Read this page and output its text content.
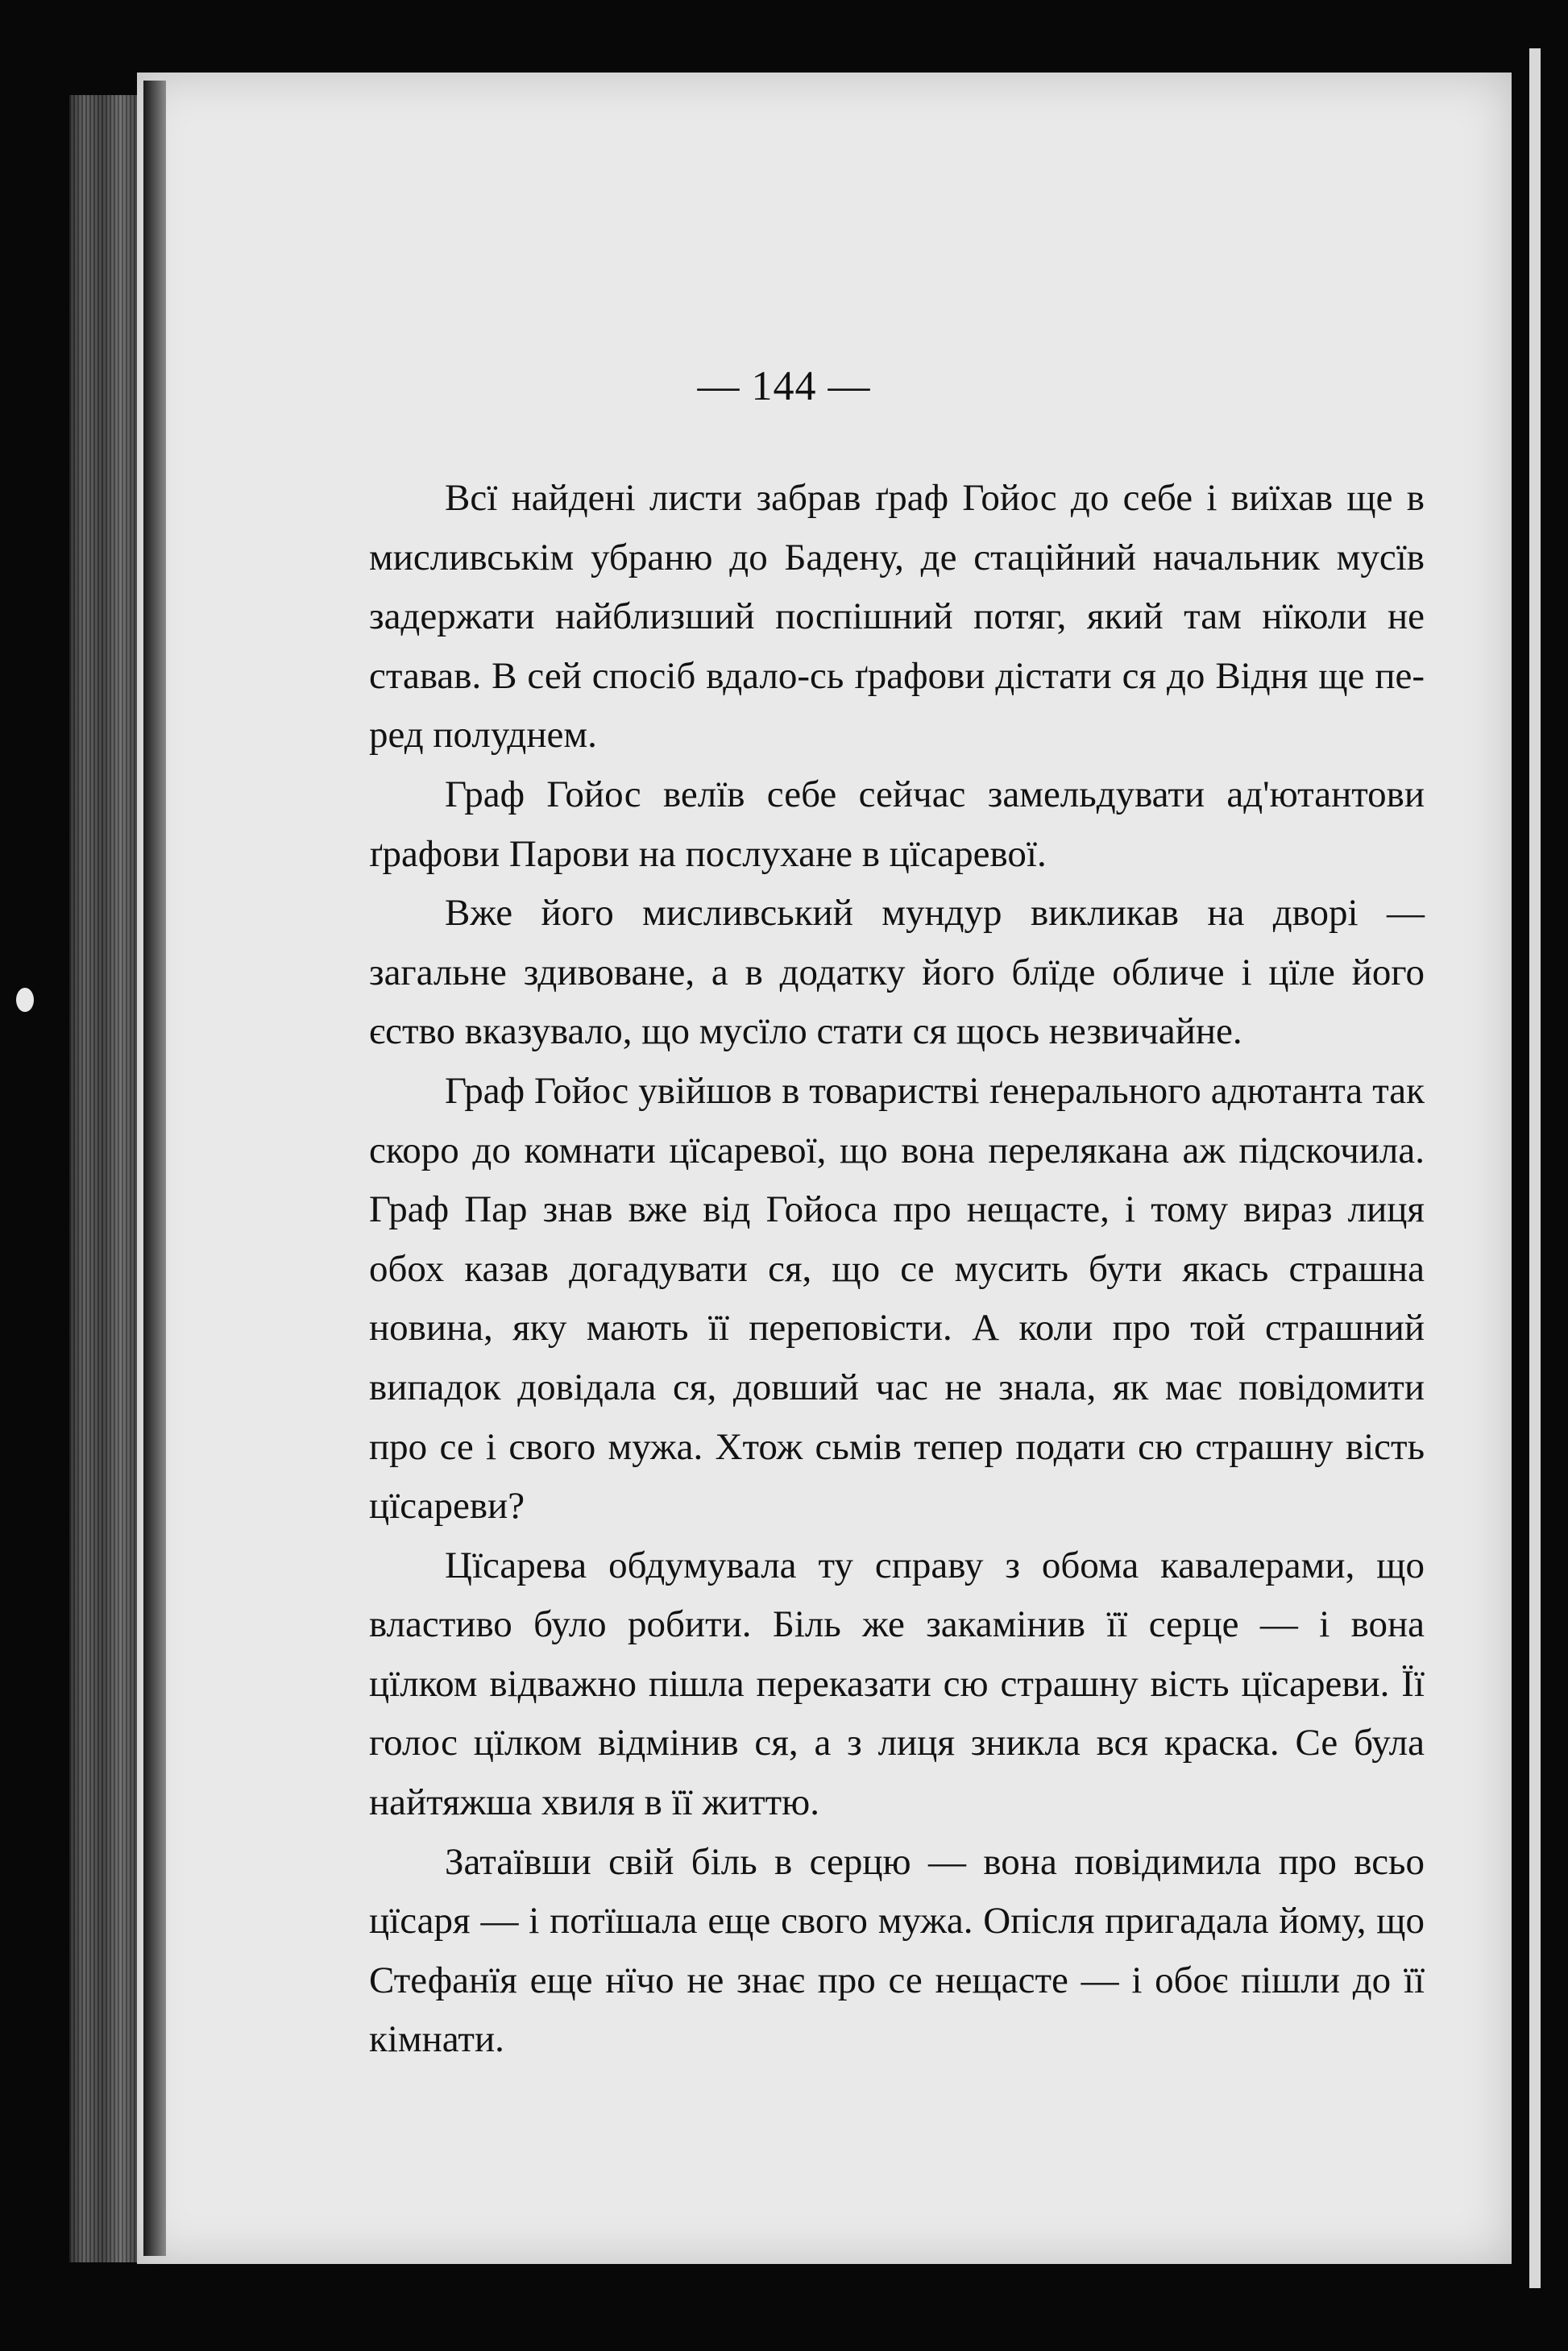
— 144 —

Всї найдені листи забрав ґраф Гойос до себе і виїхав ще в мисливськім убраню до Бадену, де стаційний начальник мусїв задержати найблизший поспішний потяг, який там нїколи не ставав. В сей спосіб вдало-сь ґрафови дістати ся до Відня ще перед полуднем.

Граф Гойос велїв себе сейчас замельдувати ад'ютантови ґрафови Парови на послухане в цїсаревої.

Вже його мисливський мундур викликав на дворі — загальне здивоване, а в додатку його блїде обличе і цїле його єство вказувало, що мусїло стати ся щось незвичайне.

Граф Гойос увійшов в товаристві ґенерального адютанта так скоро до комнати цїсаревої, що вона перелякана аж підскочила. Граф Пар знав вже від Гойоса про нещасте, і тому вираз лиця обох казав догадувати ся, що се мусить бути якась страшна новина, яку мають її переповісти. А коли про той страшний випадок довідала ся, довший час не знала, як має повідомити про се і свого мужа. Хтож сьмів тепер подати сю страшну вість цїсареви?

Цїсарева обдумувала ту справу з обома кавалерами, що властиво було робити. Біль же закамінив її серце — і вона цїлком відважно пішла переказати сю страшну вість цїсареви. Її голос цїлком відмінив ся, а з лиця зникла вся краска. Се була найтяжша хвиля в її життю.

Затаївши свій біль в серцю — вона повідимила про всьо цїсаря — і потїшала еще свого мужа. Опісля пригадала йому, що Стефанїя еще нїчо не знає про се нещасте — і обоє пішли до її кімнати.
